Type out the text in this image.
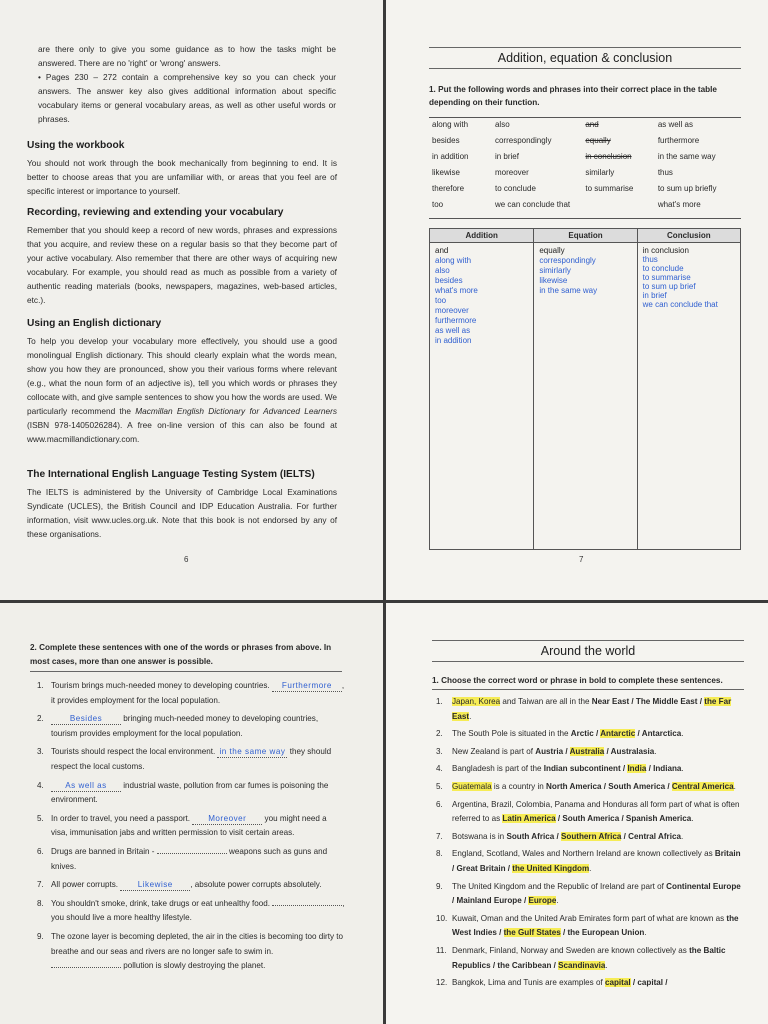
are there only to give you some guidance as to how the tasks might be answered. There are no 'right' or 'wrong' answers.
• Pages 230 – 272 contain a comprehensive key so you can check your answers. The answer key also gives additional information about specific vocabulary items or general vocabulary areas, as well as other useful words or phrases.
Using the workbook
You should not work through the book mechanically from beginning to end. It is better to choose areas that you are unfamiliar with, or areas that you feel are of specific interest or importance to yourself.
Recording, reviewing and extending your vocabulary
Remember that you should keep a record of new words, phrases and expressions that you acquire, and review these on a regular basis so that they become part of your active vocabulary. Also remember that there are other ways of acquiring new vocabulary. For example, you should read as much as possible from a variety of authentic reading materials (books, newspapers, magazines, web-based articles, etc.).
Using an English dictionary
To help you develop your vocabulary more effectively, you should use a good monolingual English dictionary. This should clearly explain what the words mean, show you how they are pronounced, show you their various forms where relevant (e.g., what the noun form of an adjective is), tell you which words or phrases they collocate with, and give sample sentences to show you how the words are used. We particularly recommend the Macmillan English Dictionary for Advanced Learners (ISBN 978-1405026284). A free on-line version of this can also be found at www.macmillandictionary.com.
The International English Language Testing System (IELTS)
The IELTS is administered by the University of Cambridge Local Examinations Syndicate (UCLES), the British Council and IDP Education Australia. For further information, visit www.ucles.org.uk. Note that this book is not endorsed by any of these organisations.
6
Addition, equation & conclusion
1. Put the following words and phrases into their correct place in the table depending on their function.
along with	also	and	as well as
besides	correspondingly	equally	furthermore
in addition	in brief	in conclusion	in the same way
likewise	moreover	similarly	thus
therefore	to conclude	to summarise	to sum up briefly
too	we can conclude that		what's more
Addition
and
along with
also
besides
what's more
too
moreover
furthermore
as well as
in addition
Equation
equally
correspondingly
simirlarly
likewise
in the same way
Conclusion
in conclusion
thus
to conclude
to summarise
to sum up brief
in brief
we can conclude that
7
2. Complete these sentences with one of the words or phrases from above. In most cases, more than one answer is possible.
1. Tourism brings much-needed money to developing countries. Furthermore , it provides employment for the local population.
2.	Besides bringing much-needed money to developing countries, tourism provides employment for the local population.
3. Tourists should respect the local environment. in the same way they should respect the local customs.
4.	As well as industrial waste, pollution from car fumes is poisoning the environment.
5. In order to travel, you need a passport. Moreover you might need a visa, immunisation jabs and written permission to visit certain areas.
6. Drugs are banned in Britain -	weapons such as guns and knives.
7. All power corrupts. Likewise , absolute power corrupts absolutely.
8. You shouldn't smoke, drink, take drugs or eat unhealthy food.	, you should live a more healthy lifestyle.
9. The ozone layer is becoming depleted, the air in the cities is becoming too dirty to breathe and our seas and rivers are no longer safe to swim in.  pollution is slowly destroying the planet.
Around the world
1. Choose the correct word or phrase in bold to complete these sentences.
1.	Japan, Korea and Taiwan are all in the Near East / The Middle East / the Far East.
2.	The South Pole is situated in the Arctic / Antarctic / Antarctica.
3.	New Zealand is part of Austria / Australia / Australasia.
4.	Bangladesh is part of the Indian subcontinent / India / Indiana.
5.	Guatemala is a country in North America / South America / Central America.
6.	Argentina, Brazil, Colombia, Panama and Honduras all form part of what is often referred to as Latin America / South America / Spanish America.
7.	Botswana is in South Africa / Southern Africa / Central Africa.
8.	England, Scotland, Wales and Northern Ireland are known collectively as Britain / Great Britain / the United Kingdom.
9.	The United Kingdom and the Republic of Ireland are part of Continental Europe / Mainland Europe / Europe.
10. Kuwait, Oman and the United Arab Emirates form part of what are known as the West Indies / the Gulf States / the European Union.
11. Denmark, Finland, Norway and Sweden are known collectively as the Baltic Republics / the Caribbean / Scandinavia.
12. Bangkok, Lima and Tunis are examples of capital / capital /
